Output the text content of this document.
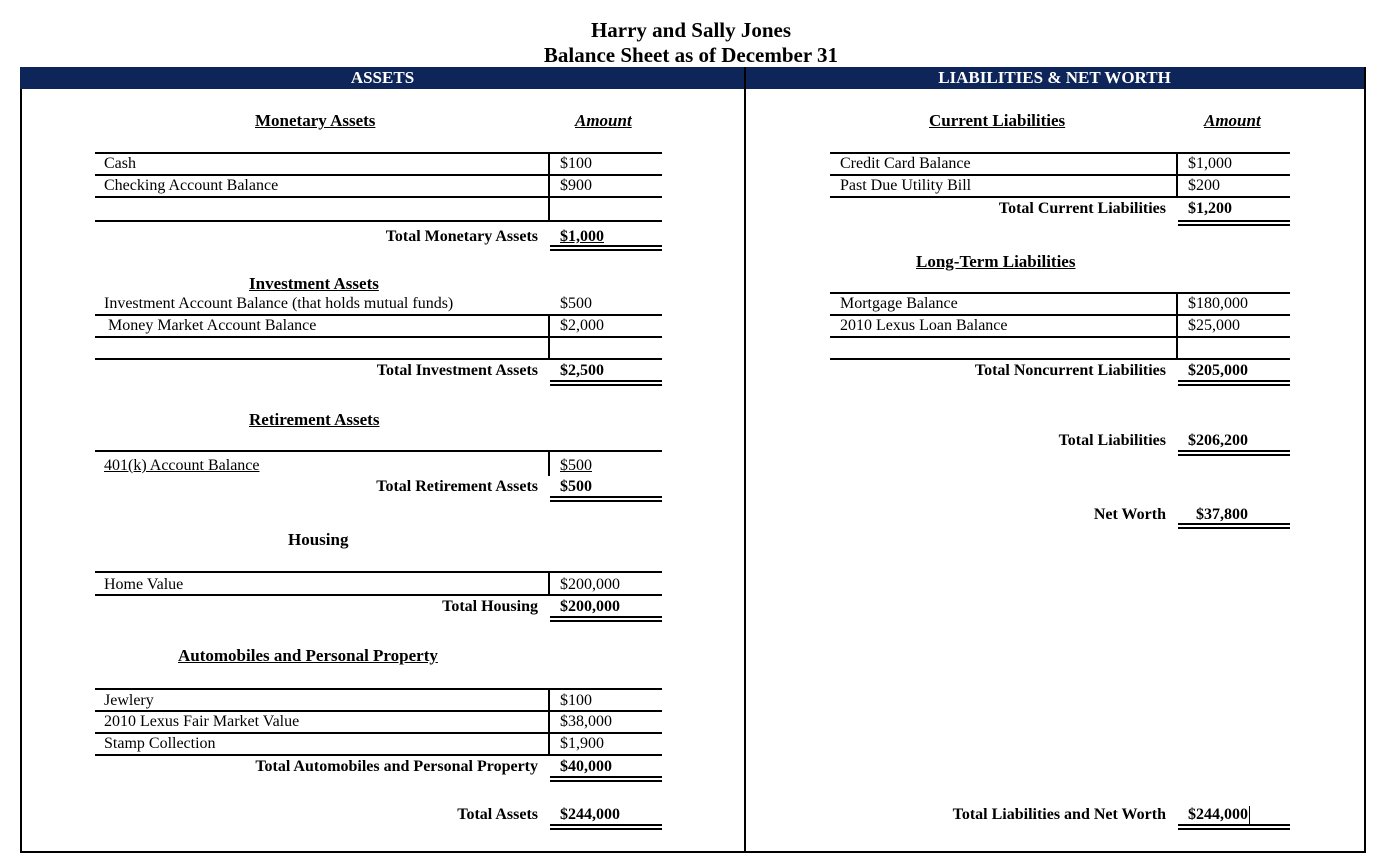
Harry and Sally Jones
Balance Sheet as of December 31
ASSETS	LIABILITIES & NET WORTH
Monetary Assets	Amount
Cash	$100
Checking Account Balance	$900
Total Monetary Assets $1,000
Investment Assets
Investment Account Balance (that holds mutual funds)	$500
Money Market Account Balance	$2,000
Total Investment Assets $2,500
Retirement Assets
401(k) Account Balance	$500
Total Retirement Assets $500
Housing
Home Value	$200,000
Total Housing $200,000
Automobiles and Personal Property
Jewlery	$100
2010 Lexus Fair Market Value	$38,000
Stamp Collection	$1,900
Total Automobiles and Personal Property $40,000
Total Assets $244,000
Current Liabilities	Amount
Credit Card Balance	$1,000
Past Due Utility Bill	$200
Total Current Liabilities $1,200
Long-Term Liabilities
Mortgage Balance	$180,000
2010 Lexus Loan Balance	$25,000
Total Noncurrent Liabilities $205,000
Total Liabilities $206,200
Net Worth $37,800
Total Liabilities and Net Worth $244,000
